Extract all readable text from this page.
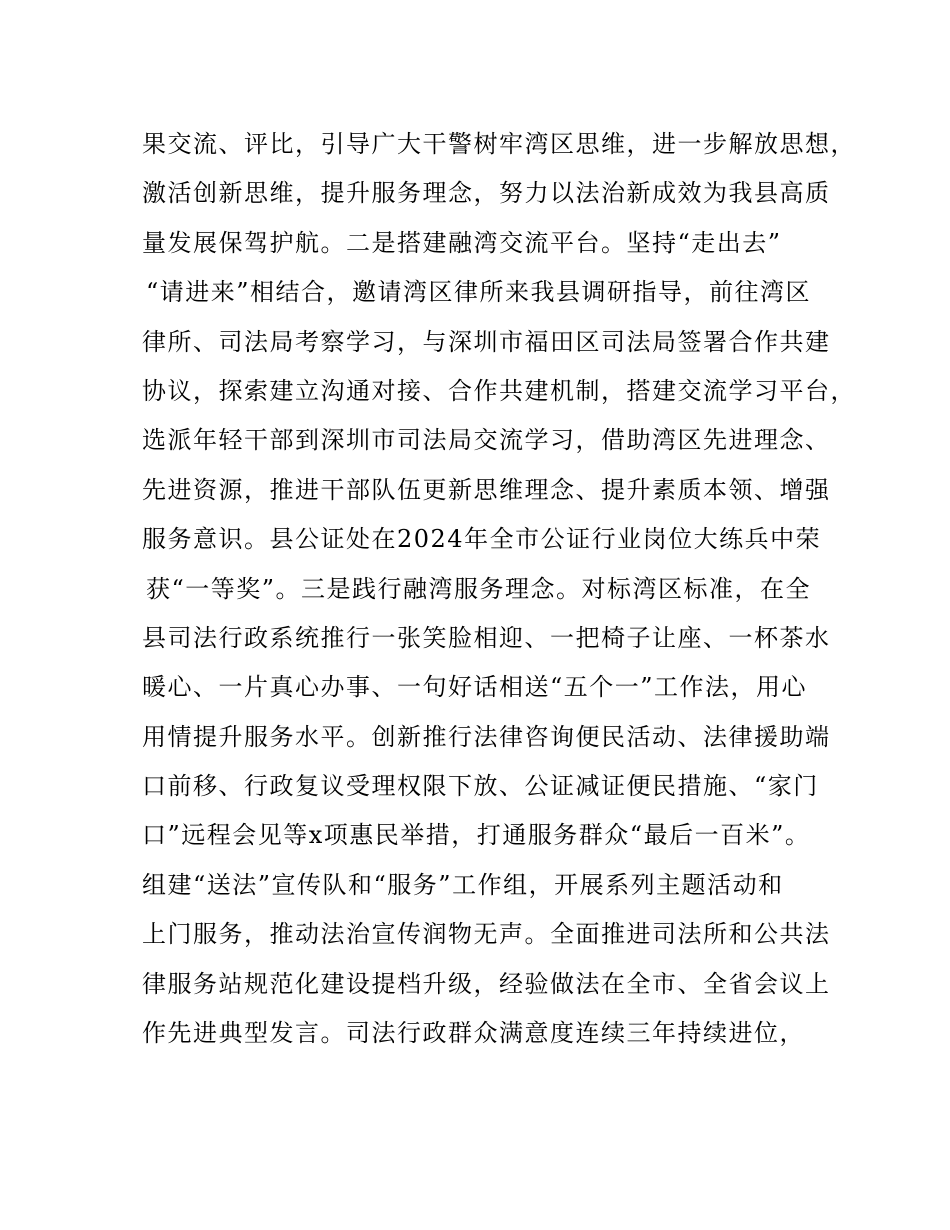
果交流、评比，引导广大干警树牢湾区思维，进一步解放思想，
激活创新思维，提升服务理念，努力以法治新成效为我县高质
量发展保驾护航。二是搭建融湾交流平台。坚持“走出去”
“请进来”相结合，邀请湾区律所来我县调研指导，前往湾区
律所、司法局考察学习，与深圳市福田区司法局签署合作共建
协议，探索建立沟通对接、合作共建机制，搭建交流学习平台，
选派年轻干部到深圳市司法局交流学习，借助湾区先进理念、
先进资源，推进干部队伍更新思维理念、提升素质本领、增强
服务意识。县公证处在2024年全市公证行业岗位大练兵中荣
获“一等奖”。三是践行融湾服务理念。对标湾区标准，在全
县司法行政系统推行一张笑脸相迎、一把椅子让座、一杯茶水
暖心、一片真心办事、一句好话相送“五个一”工作法，用心
用情提升服务水平。创新推行法律咨询便民活动、法律援助端
口前移、行政复议受理权限下放、公证减证便民措施、“家门
口”远程会见等x项惠民举措，打通服务群众“最后一百米”。
组建“送法”宣传队和“服务”工作组，开展系列主题活动和
上门服务，推动法治宣传润物无声。全面推进司法所和公共法
律服务站规范化建设提档升级，经验做法在全市、全省会议上
作先进典型发言。司法行政群众满意度连续三年持续进位，
